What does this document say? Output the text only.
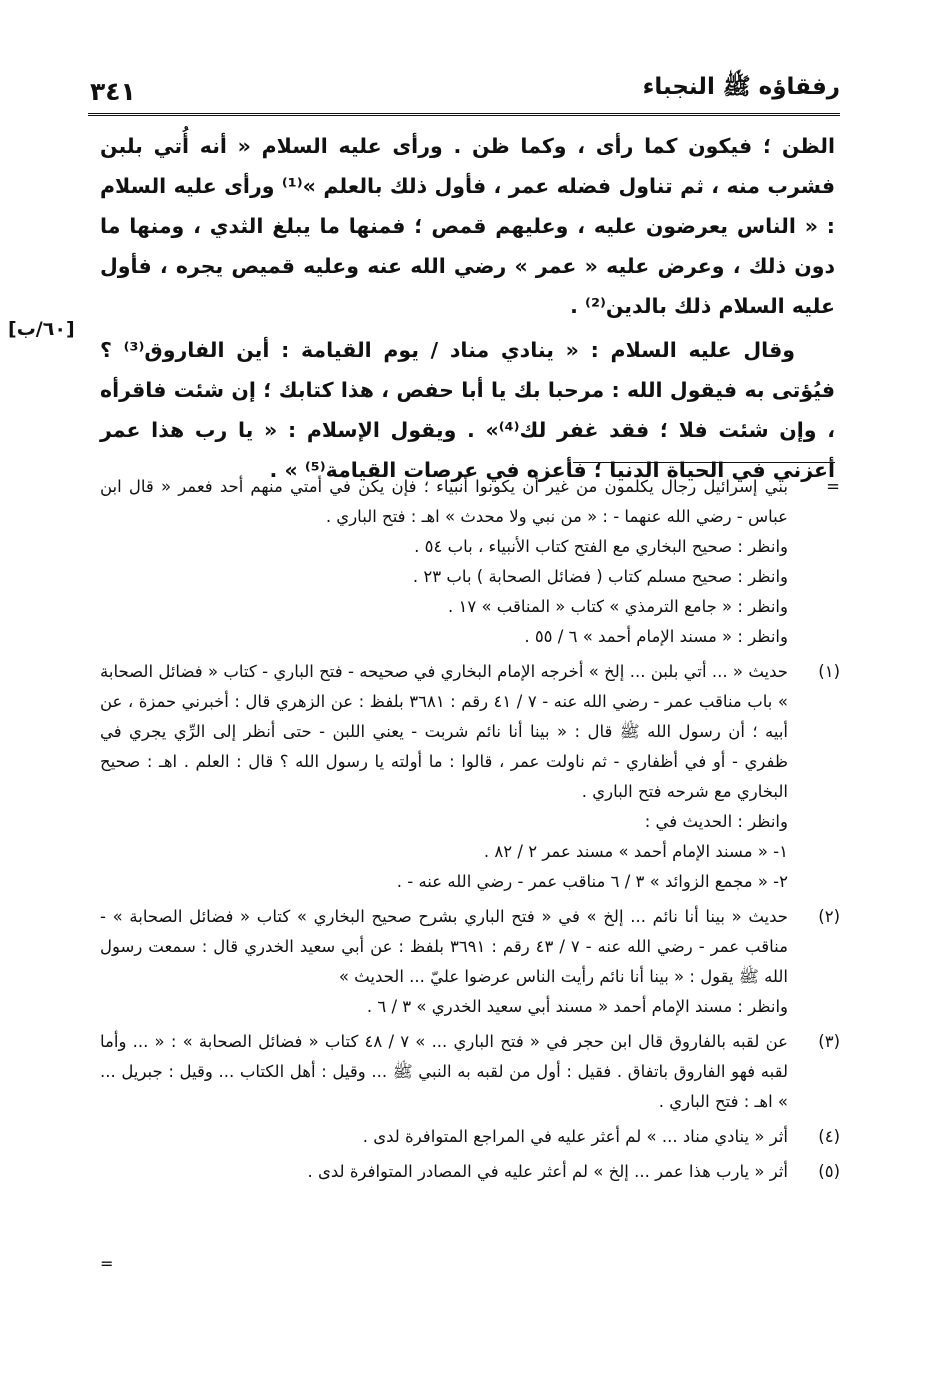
رفقاؤه ﷺ النجباء
٣٤١
[٦٠/ب]

الظن ؛ فيكون كما رأى ، وكما ظن . ورأى عليه السلام « أنه أُتي بلبن فشرب منه ، ثم تناول فضله عمر ، فأول ذلك بالعلم »⁽¹⁾ ورأى عليه السلام : « الناس يعرضون عليه ، وعليهم قمص ؛ فمنها ما يبلغ الثدي ، ومنها ما دون ذلك ، وعرض عليه « عمر » رضي الله عنه وعليه قميص يجره ، فأول عليه السلام ذلك بالدين⁽²⁾ .

وقال عليه السلام : « ينادي مناد / يوم القيامة : أين الفاروق⁽³⁾ ؟ فيُؤتى به فيقول الله : مرحبا بك يا أبا حفص ، هذا كتابك ؛ إن شئت فاقرأه ، وإن شئت فلا ؛ فقد غفر لك⁽⁴⁾» . ويقول الإسلام : « يا رب هذا عمر أعزني في الحياة الدنيا ؛ فأعزه في عرصات القيامة⁽⁵⁾ » .

=
بني إسرائيل رجال يكلمون من غير أن يكونوا أنبياء ؛ فإن يكن في أمتي منهم أحد فعمر « قال ابن عباس - رضي الله عنهما - : « من نبي ولا محدث » اهـ : فتح الباري .
وانظر : صحيح البخاري مع الفتح كتاب الأنبياء ، باب ٥٤ .
وانظر : صحيح مسلم كتاب ( فضائل الصحابة ) باب ٢٣ .
وانظر : « جامع الترمذي » كتاب « المناقب » ١٧ .
وانظر : « مسند الإمام أحمد » ٦ / ٥٥ .
(١)
حديث « ... أتي بلبن ... إلخ » أخرجه الإمام البخاري في صحيحه - فتح الباري - كتاب « فضائل الصحابة » باب مناقب عمر - رضي الله عنه - ٧ / ٤١ رقم : ٣٦٨١ بلفظ : عن الزهري قال : أخبرني حمزة ، عن أبيه ؛ أن رسول الله ﷺ قال : « بينا أنا نائم شربت - يعني اللبن - حتى أنظر إلى الرِّي يجري في ظفري - أو في أظفاري - ثم ناولت عمر ، قالوا : ما أولته يا رسول الله ؟ قال : العلم . اهـ : صحيح البخاري مع شرحه فتح الباري .
وانظر : الحديث في :
١- « مسند الإمام أحمد » مسند عمر ٢ / ٨٢ .
٢- « مجمع الزوائد » ٣ / ٦ مناقب عمر - رضي الله عنه - .
(٢)
حديث « بينا أنا نائم ... إلخ » في « فتح الباري بشرح صحيح البخاري » كتاب « فضائل الصحابة » - مناقب عمر - رضي الله عنه - ٧ / ٤٣ رقم : ٣٦٩١ بلفظ : عن أبي سعيد الخدري قال : سمعت رسول الله ﷺ يقول : « بينا أنا نائم رأيت الناس عرضوا عليّ ... الحديث »
وانظر : مسند الإمام أحمد « مسند أبي سعيد الخدري » ٣ / ٦ .
(٣)
عن لقبه بالفاروق قال ابن حجر في « فتح الباري ... » ٧ / ٤٨ كتاب « فضائل الصحابة » : « ... وأما لقبه فهو الفاروق باتفاق . فقيل : أول من لقبه به النبي ﷺ ... وقيل : أهل الكتاب ... وقيل : جبريل ... » اهـ : فتح الباري .
(٤)
أثر « ينادي مناد ... » لم أعثر عليه في المراجع المتوافرة لدى .
(٥)
أثر « يارب هذا عمر ... إلخ » لم أعثر عليه في المصادر المتوافرة لدى .
=
